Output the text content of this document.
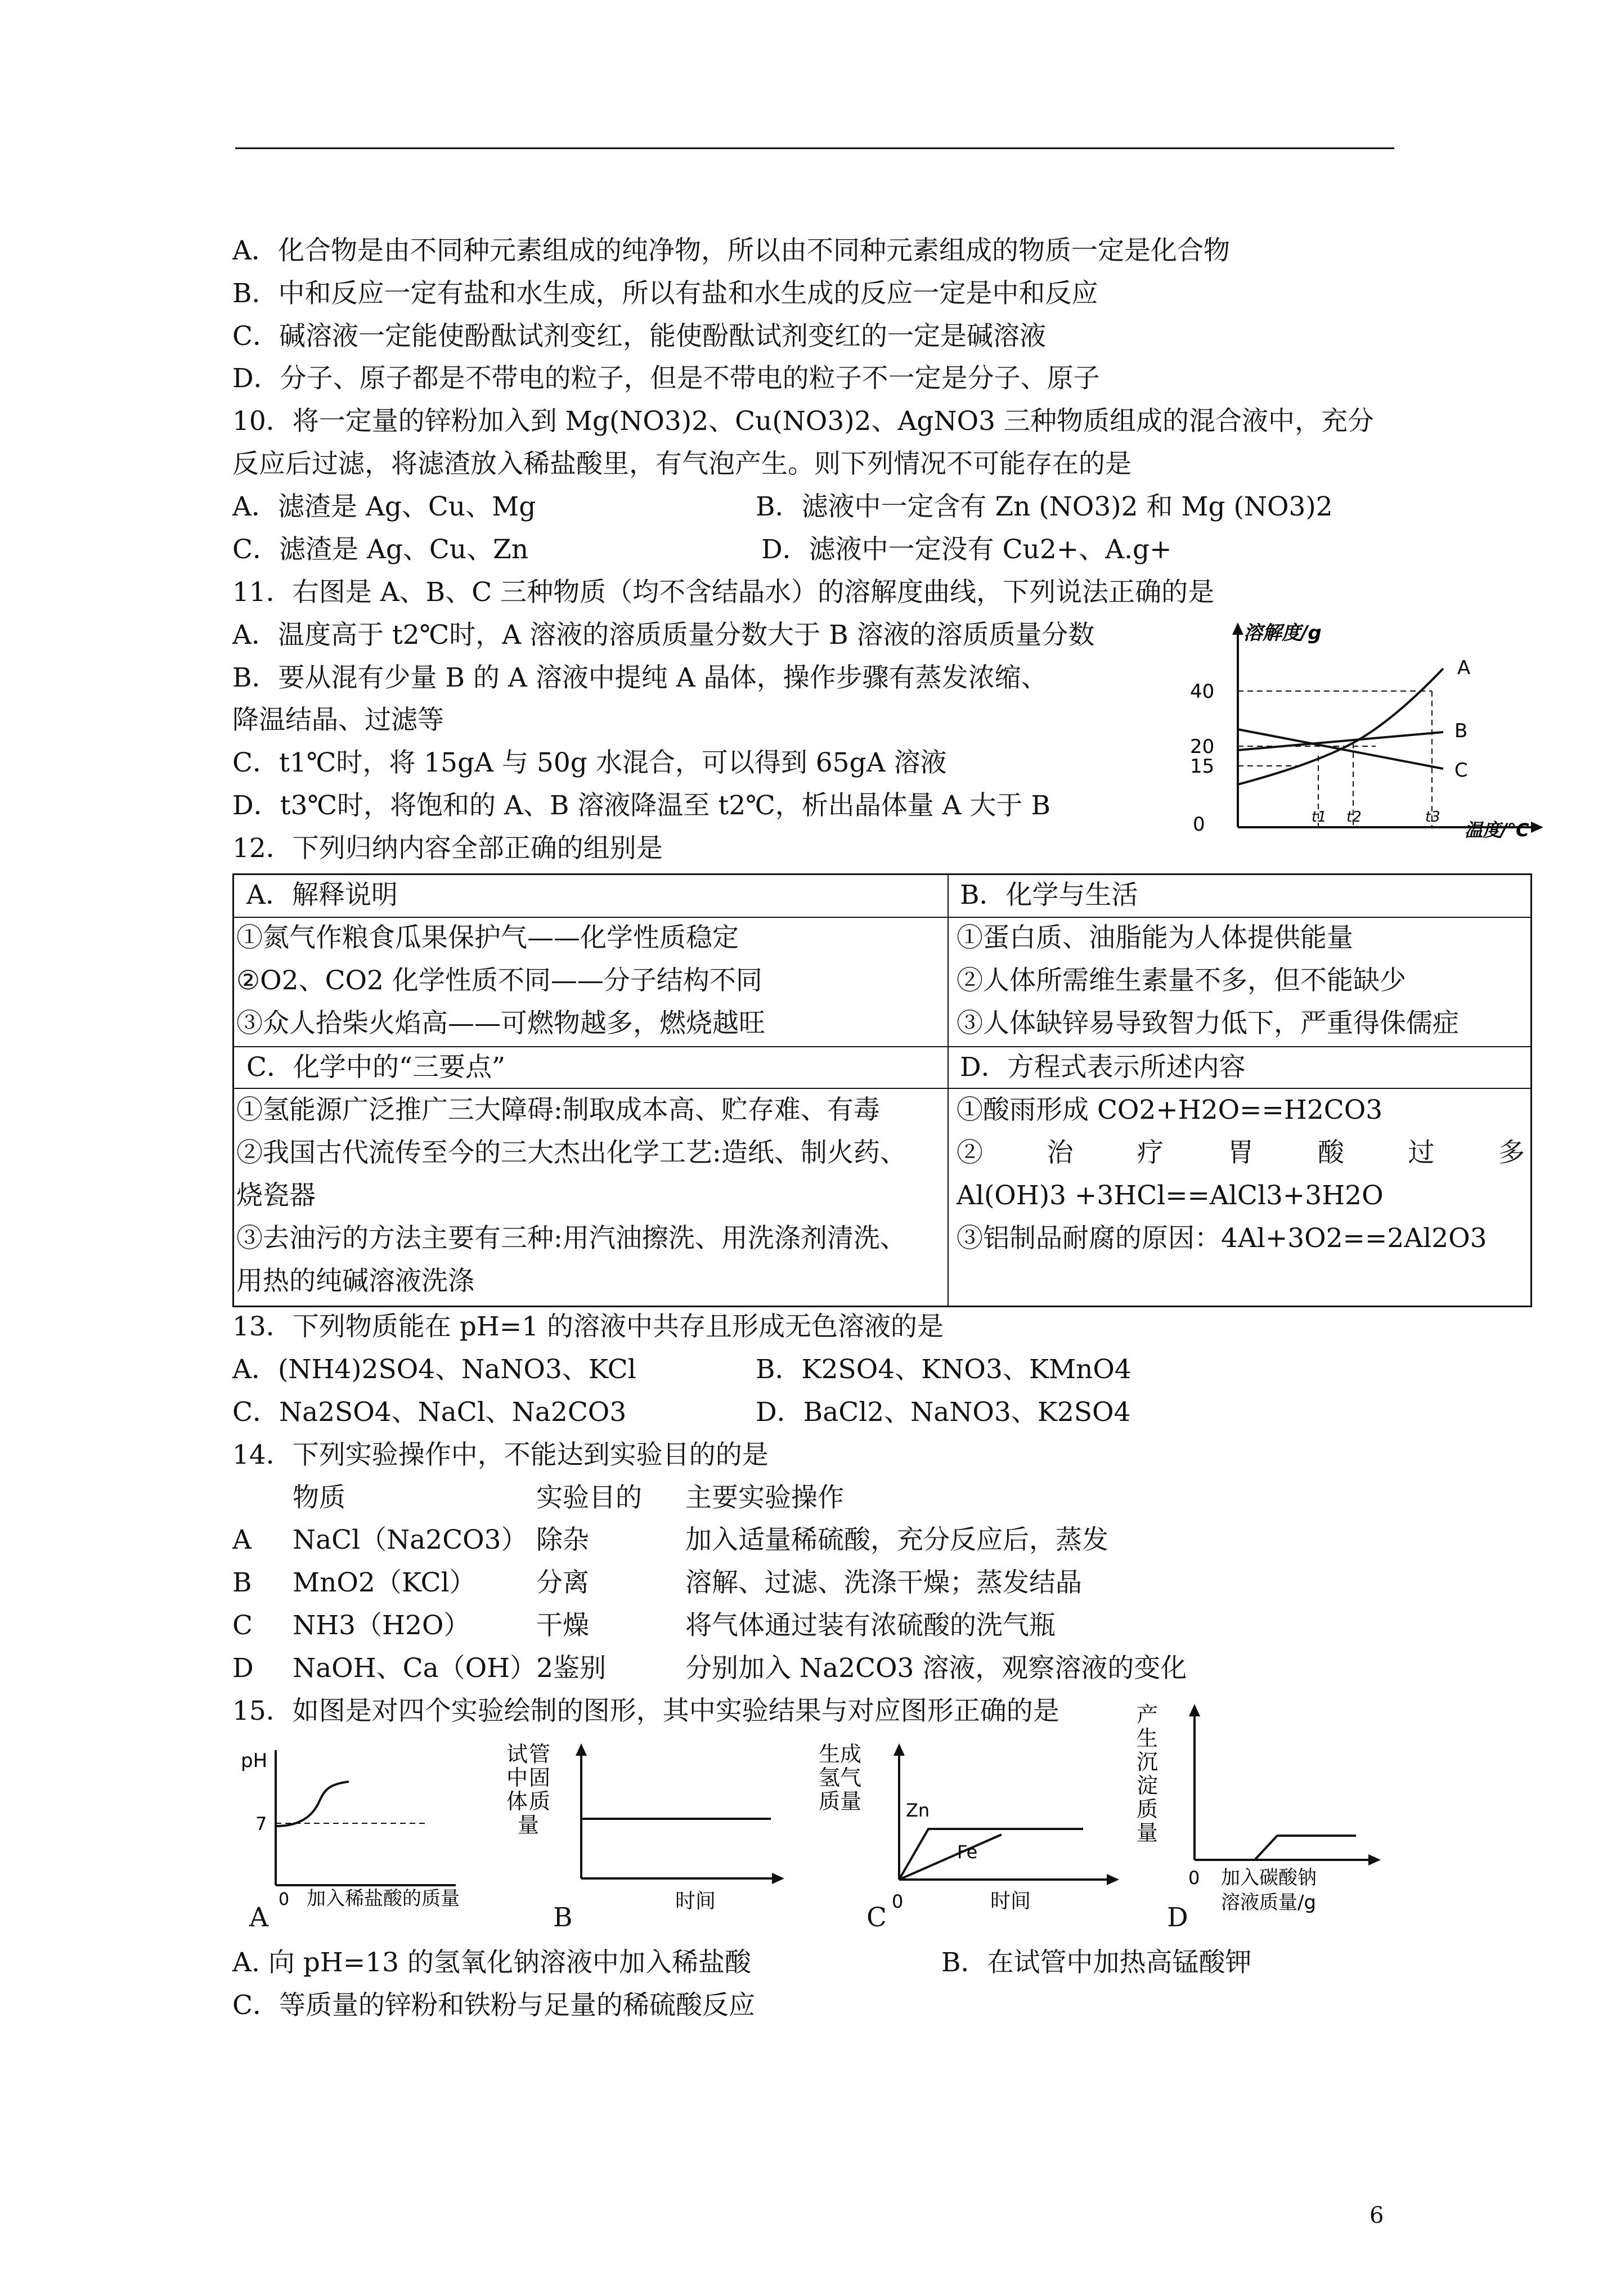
A．化合物是由不同种元素组成的纯净物，所以由不同种元素组成的物质一定是化合物
B．中和反应一定有盐和水生成，所以有盐和水生成的反应一定是中和反应
C．碱溶液一定能使酚酞试剂变红，能使酚酞试剂变红的一定是碱溶液
D．分子、原子都是不带电的粒子，但是不带电的粒子不一定是分子、原子
10．将一定量的锌粉加入到 Mg(NO3)2、Cu(NO3)2、AgNO3 三种物质组成的混合液中，充分
反应后过滤，将滤渣放入稀盐酸里，有气泡产生。则下列情况不可能存在的是
A．滤渣是 Ag、Cu、Mg	B．滤液中一定含有 Zn (NO3)2 和 Mg (NO3)2
C．滤渣是 Ag、Cu、Zn	D．滤液中一定没有 Cu2+、A.g+
11．右图是 A、B、C 三种物质（均不含结晶水）的溶解度曲线，下列说法正确的是
A．温度高于 t2℃时，A 溶液的溶质质量分数大于 B 溶液的溶质质量分数
B．要从混有少量 B 的 A 溶液中提纯 A 晶体，操作步骤有蒸发浓缩、
降温结晶、过滤等
C．t1℃时，将 15gA 与 50g 水混合，可以得到 65gA 溶液
D．t3℃时，将饱和的 A、B 溶液降温至 t2℃，析出晶体量 A 大于 B
溶解度/g
温度/℃
40
20
15
0
A
B
C
t1 t2	t3
12．下列归纳内容全部正确的组别是
A．解释说明
①氮气作粮食瓜果保护气——化学性质稳定
②O2、CO2 化学性质不同——分子结构不同
③众人拾柴火焰高——可燃物越多，燃烧越旺
B．化学与生活
①蛋白质、油脂能为人体提供能量
②人体所需维生素量不多，但不能缺少
③人体缺锌易导致智力低下，严重得侏儒症
C．化学中的“三要点”
①氢能源广泛推广三大障碍:制取成本高、贮存难、有毒
②我国古代流传至今的三大杰出化学工艺:造纸、制火药、
烧瓷器
③去油污的方法主要有三种:用汽油擦洗、用洗涤剂清洗、
用热的纯碱溶液洗涤
D．方程式表示所述内容
①酸雨形成 CO2+H2O==H2CO3
②　　治　　疗　　胃　　酸　　过　　多
Al(OH)3 +3HCl==AlCl3+3H2O
③铝制品耐腐的原因：4Al+3O2==2Al2O3
13．下列物质能在 pH=1 的溶液中共存且形成无色溶液的是
A．(NH4)2SO4、NaNO3、KCl	B．K2SO4、KNO3、KMnO4
C．Na2SO4、NaCl、Na2CO3	D．BaCl2、NaNO3、K2SO4
14．下列实验操作中，不能达到实验目的的是
物质	实验目的 主要实验操作
A NaCl（Na2CO3） 除杂	加入适量稀硫酸，充分反应后，蒸发
B MnO2（KCl） 分离	溶解、过滤、洗涤干燥；蒸发结晶
C NH3（H2O）	干燥	将气体通过装有浓硫酸的洗气瓶
D NaOH、Ca（OH）2鉴别	分别加入 Na2CO3 溶液，观察溶液的变化
15．如图是对四个实验绘制的图形，其中实验结果与对应图形正确的是
pH
7
0 加入稀盐酸的质量
A
试 管
中 固
体 质
量
时间
B
生成
氢气
质量 Zn
Fe
0	时间
C
产
生
沉
淀
质
量
0 加入碳酸钠
溶液质量/g
D
A. 向 pH=13 的氢氧化钠溶液中加入稀盐酸	B．在试管中加热高锰酸钾
C．等质量的锌粉和铁粉与足量的稀硫酸反应
6
